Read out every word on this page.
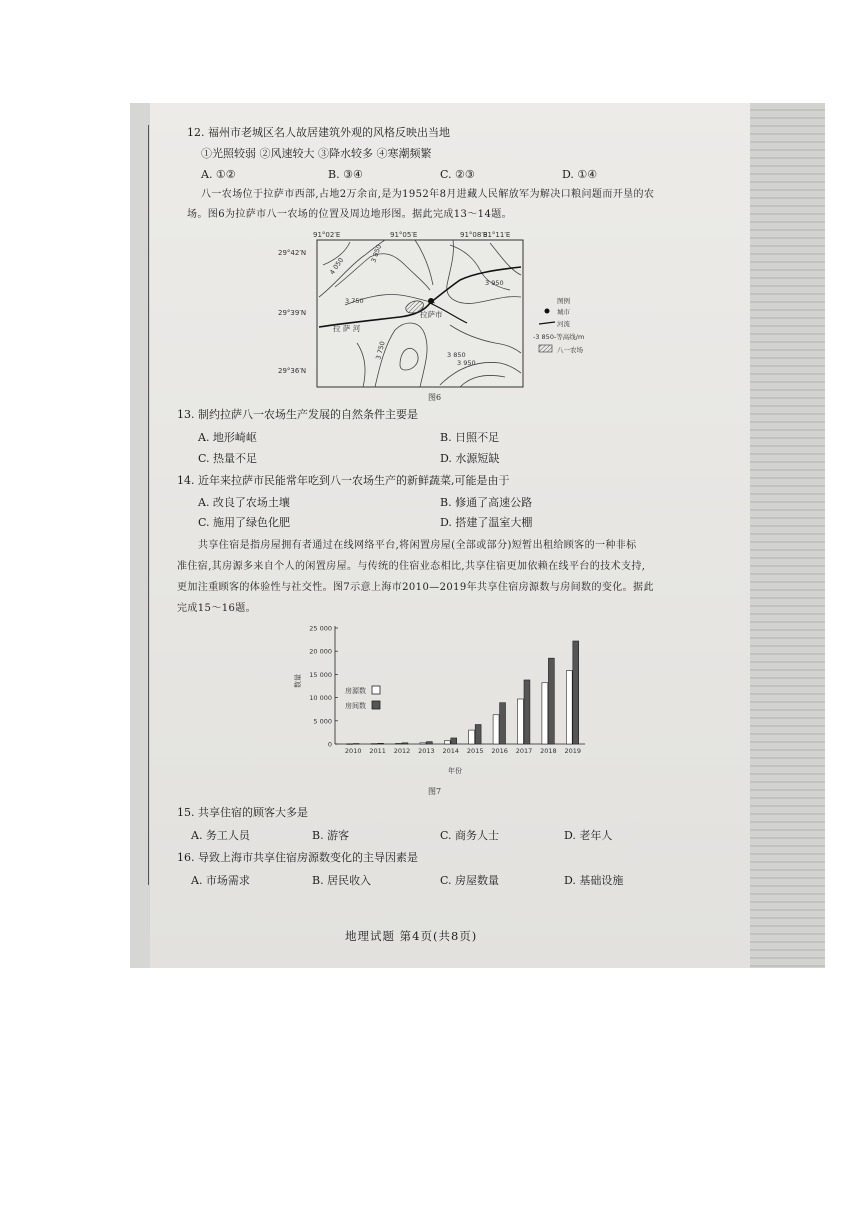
12. 福州市老城区名人故居建筑外观的风格反映出当地
①光照较弱 ②风速较大 ③降水较多 ④寒潮频繁
A. ①②	B. ③④	C. ②③	D. ①④
八一农场位于拉萨市西部,占地2万余亩,是为1952年8月进藏人民解放军为解决口粮问题而开垦的农
场。图6为拉萨市八一农场的位置及周边地形图。据此完成13～14题。
91°02′E	91°05′E	91°08′E
91°11′E
29°42′N
29°39′N
29°36′N
4 050
3 850
3 750
3 950
3 750	3 850
3 950
拉萨市
拉 萨 河
图例
城市
河流
-3 850-等高线/m
八一农场
图6
13. 制约拉萨八一农场生产发展的自然条件主要是
A. 地形崎岖	B. 日照不足
C. 热量不足	D. 水源短缺
14. 近年来拉萨市民能常年吃到八一农场生产的新鲜蔬菜,可能是由于
A. 改良了农场土壤	B. 修通了高速公路
C. 施用了绿色化肥	D. 搭建了温室大棚
共享住宿是指房屋拥有者通过在线网络平台,将闲置房屋(全部或部分)短暂出租给顾客的一种非标
准住宿,其房源多来自个人的闲置房屋。与传统的住宿业态相比,共享住宿更加依赖在线平台的技术支持,
更加注重顾客的体验性与社交性。图7示意上海市2010—2019年共享住宿房源数与房间数的变化。据此
完成15～16题。
25 000
20 000
15 000
10 000
5 000
0
2010 2011 2012 2013 2014 2015 2016 2017 2018 2019
数量
年份
房源数
房间数
图7
15. 共享住宿的顾客大多是
A. 务工人员	B. 游客	C. 商务人士	D. 老年人
16. 导致上海市共享住宿房源数变化的主导因素是
A. 市场需求	B. 居民收入	C. 房屋数量	D. 基础设施
地理试题 第4页(共8页)
